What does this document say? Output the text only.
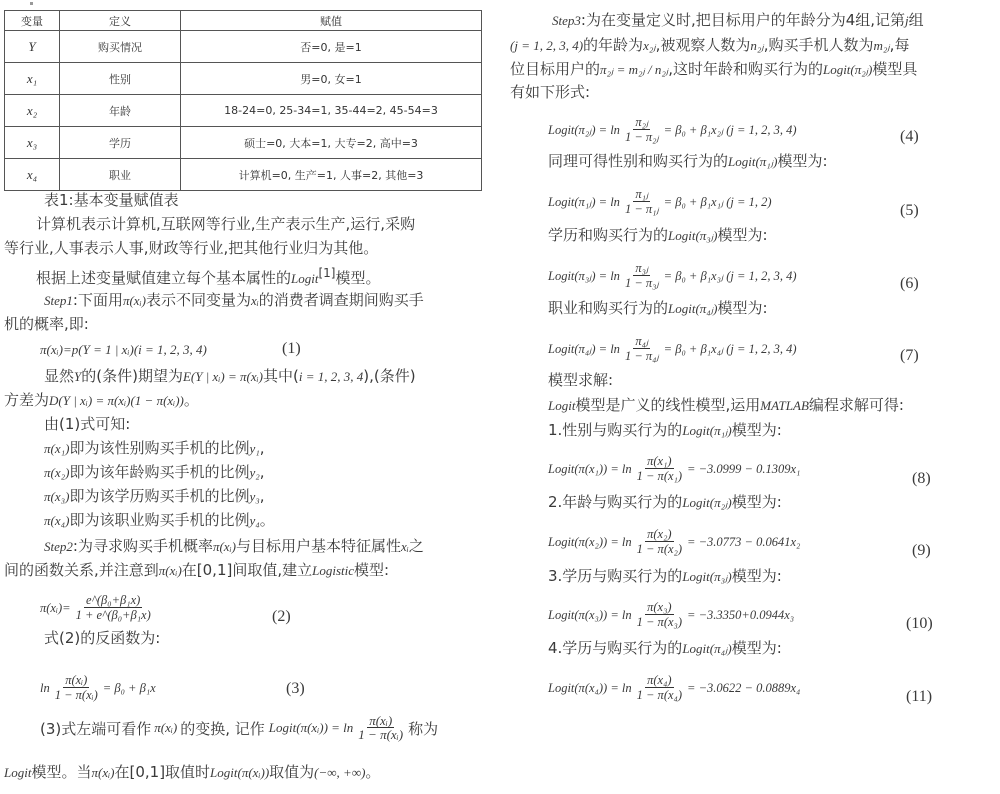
变量	定义	赋值
Y	购买情况	否=0, 是=1
x₁	性别	男=0, 女=1
x₂	年龄	18-24=0, 25-34=1, 35-44=2, 45-54=3
x₃	学历	硕士=0, 大本=1, 大专=2, 高中=3
x₄	职业	计算机=0, 生产=1, 人事=2, 其他=3
表1:基本变量赋值表
计算机表示计算机,互联网等行业,生产表示生产,运行,采购
等行业,人事表示人事,财政等行业,把其他行业归为其他。
根据上述变量赋值建立每个基本属性的Logit[1]模型。
Step1:下面用π(xᵢ)表示不同变量为xᵢ的消费者调查期间购买手
机的概率,即:
π(xᵢ)=p(Y = 1 | xᵢ)(i = 1, 2, 3, 4)	(1)
显然Y的(条件)期望为E(Y | xᵢ) = π(xᵢ)其中(i = 1, 2, 3, 4),(条件)
方差为D(Y | xᵢ) = π(xᵢ)(1 − π(xᵢ))。
由(1)式可知:
π(x₁)即为该性别购买手机的比例y₁,
π(x₂)即为该年龄购买手机的比例y₂,
π(x₃)即为该学历购买手机的比例y₃,
π(x₄)即为该职业购买手机的比例y₄。
Step2:为寻求购买手机概率π(xᵢ)与目标用户基本特征属性xᵢ之
间的函数关系,并注意到π(xᵢ)在[0,1]间取值,建立Logistic模型:
π(xᵢ)= $\frac{\text{e\textasciicircum{}(β₀+β₁x)}}{\text{1 + e\textasciicircum{}(β₀+β₁x)}}$	(2)
式(2)的反函数为:
$\ln \frac{\text{π(xᵢ)}}{\text{1 − π(xᵢ)}} = \beta_0 + \beta_1x$	(3)
(3)式左端可看作 π(xᵢ) 的变换, 记作 Logit(π(xᵢ)) = $\ln \frac{\text{π(xᵢ)}}{\text{1 − π(xᵢ)}}$ 称为
Logit模型。当π(xᵢ)在[0,1]取值时Logit(π(xᵢ))取值为(−∞, +∞)。
Step3:为在变量定义时,把目标用户的年龄分为4组,记第j组
(j = 1, 2, 3, 4)的年龄为x₂ⱼ,被观察人数为n₂ⱼ,购买手机人数为m₂ⱼ,每
位目标用户的π₂ⱼ = m₂ⱼ / n₂ⱼ,这时年龄和购买行为的Logit(π₂ⱼ)模型具
有如下形式:
Logit(π₂ⱼ) = $\ln \frac{\text{π₂ⱼ}}{\text{1 − π₂ⱼ}} = \beta_0$ + β₁x₂ⱼ (j = 1, 2, 3, 4)	(4)
同理可得性别和购买行为的Logit(π₁ⱼ)模型为:
Logit(π₁ⱼ) = $\ln \frac{\text{π₁ⱼ}}{\text{1 − π₁ⱼ}} = \beta_0$ + β₁x₁ⱼ (j = 1, 2)	(5)
学历和购买行为的Logit(π₃ⱼ)模型为:
Logit(π₃ⱼ) = $\ln \frac{\text{π₃ⱼ}}{\text{1 − π₃ⱼ}} = \beta_0$ + β₁x₃ⱼ (j = 1, 2, 3, 4)	(6)
职业和购买行为的Logit(π₄ⱼ)模型为:
Logit(π₄ⱼ) = $\ln \frac{\text{π₄ⱼ}}{\text{1 − π₄ⱼ}} = \beta_0$ + β₁x₄ⱼ (j = 1, 2, 3, 4)	(7)
模型求解:
Logit模型是广义的线性模型,运用MATLAB编程求解可得:
1.性别与购买行为的Logit(π₁ⱼ)模型为:
Logit(π(x₁)) = $\ln \frac{\text{π(x₁)}}{\text{1 − π(x₁)}} = -3.0999 - 0.1309x_1$
(8)
2.年龄与购买行为的Logit(π₂ⱼ)模型为:
Logit(π(x₂)) = $\ln \frac{\text{π(x₂)}}{\text{1 − π(x₂)}} = -3.0773 - 0.0641x_2$
(9)
3.学历与购买行为的Logit(π₃ⱼ)模型为:
Logit(π(x₃)) = $\ln \frac{\text{π(x₃)}}{\text{1 − π(x₃)}} = -3.3350+0.0944x_3$
(10)
4.学历与购买行为的Logit(π₄ⱼ)模型为:
Logit(π(x₄)) = $\ln \frac{\text{π(x₄)}}{\text{1 − π(x₄)}} = -3.0622 - 0.0889x_4$
(11)
